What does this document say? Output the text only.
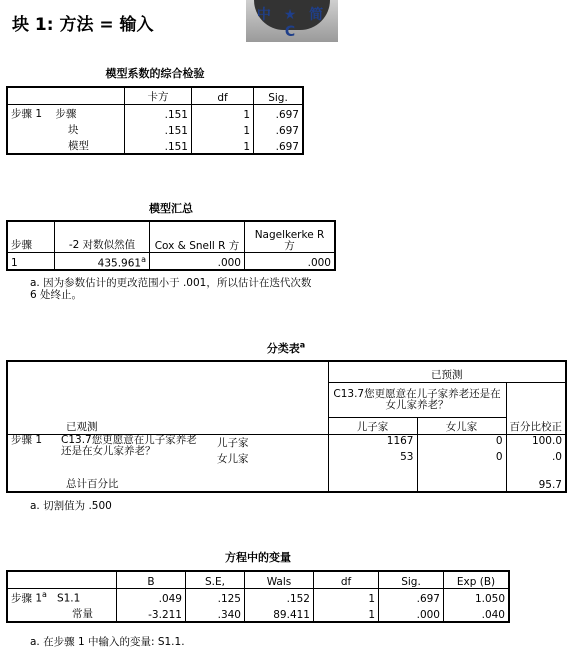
块 1: 方法 = 输入	中 ★ 简 C
模型系数的综合检验
	卡方	df	Sig.
步骤 1 步骤	.151	1	.697
块	.151	1	.697
模型	.151	1	.697
模型汇总
步骤	-2 对数似然值	Cox & Snell R 方	Nagelkerke R 方
1	435.961$^a$	.000	.000
a. 因为参数估计的更改范围小于 .001，所以估计在迭代次数 6 处终止。
分类表$^a$
已观测		已预测		
		C13.7您更愿意在儿子家养老还是在女儿家养老？		百分比校正
		儿子家	女儿家	
步骤 1 C13.7您更愿意在儿子家养老还是在女儿家养老？	儿子家	1167	0	100.0
	女儿家	53	0	.0
总计百分比				95.7
a. 切割值为 .500
方程中的变量
	B	S.E,	Wals	df	Sig.	Exp (B)
步骤 1$^a$ S1.1	.049	.125	.152	1	.697	1.050
常量	-3.211	.340	89.411	1	.000	.040
a. 在步骤 1 中输入的变量: S1.1.
